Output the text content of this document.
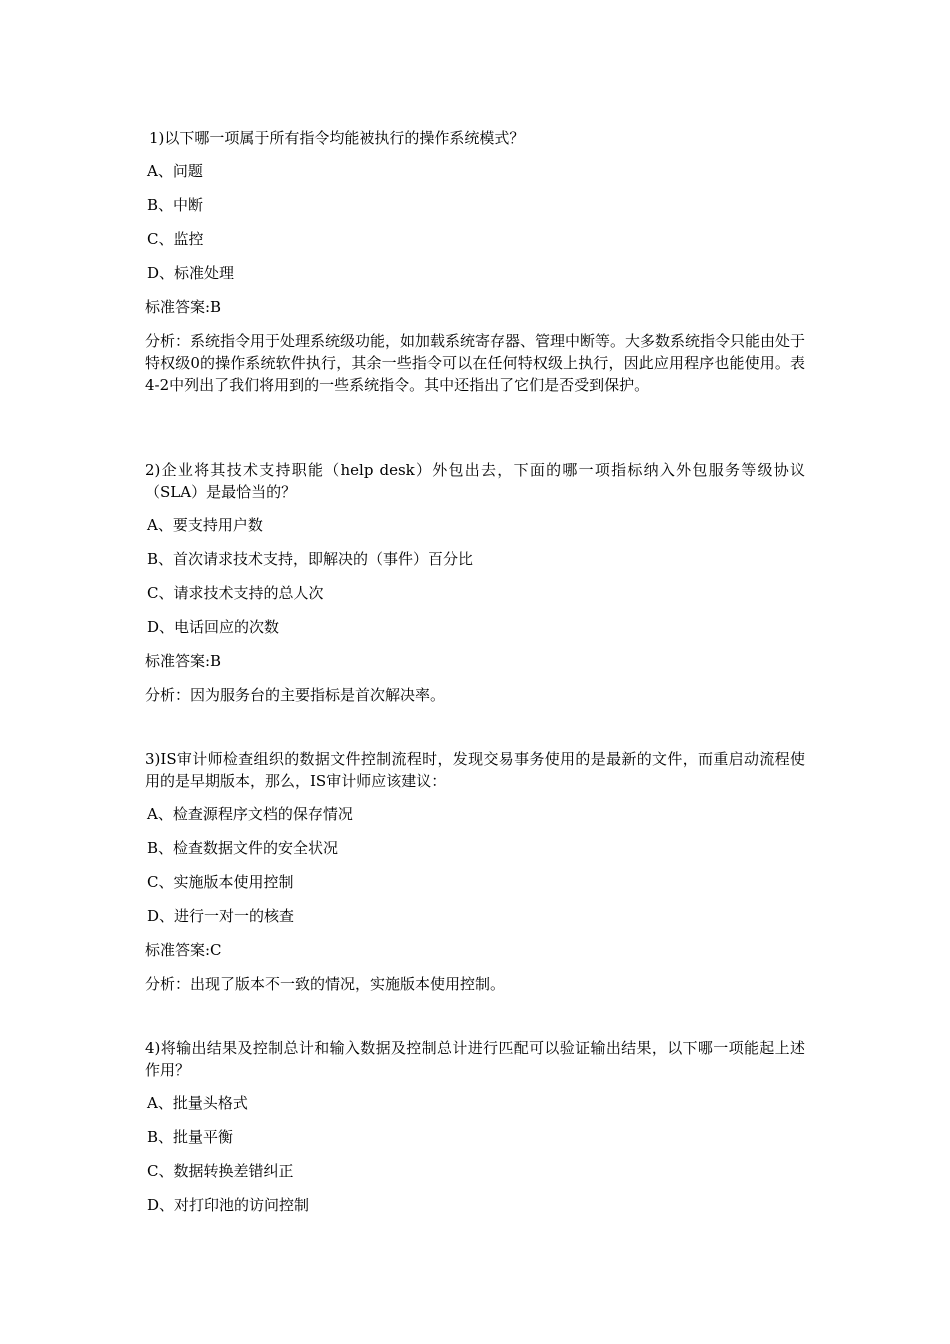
1)以下哪一项属于所有指令均能被执行的操作系统模式？

A、问题
B、中断
C、监控
D、标准处理
标准答案:B

分析：系统指令用于处理系统级功能，如加载系统寄存器、管理中断等。大多数系统指令只能由处于特权级0的操作系统软件执行，其余一些指令可以在任何特权级上执行，因此应用程序也能使用。表4-2中列出了我们将用到的一些系统指令。其中还指出了它们是否受到保护。

2)企业将其技术支持职能（help desk）外包出去，下面的哪一项指标纳入外包服务等级协议（SLA）是最恰当的？

A、要支持用户数
B、首次请求技术支持，即解决的（事件）百分比
C、请求技术支持的总人次
D、电话回应的次数
标准答案:B

分析：因为服务台的主要指标是首次解决率。

3)IS审计师检查组织的数据文件控制流程时，发现交易事务使用的是最新的文件，而重启动流程使用的是早期版本，那么，IS审计师应该建议：

A、检查源程序文档的保存情况
B、检查数据文件的安全状况
C、实施版本使用控制
D、进行一对一的核查
标准答案:C

分析：出现了版本不一致的情况，实施版本使用控制。

4)将输出结果及控制总计和输入数据及控制总计进行匹配可以验证输出结果，以下哪一项能起上述作用？

A、批量头格式
B、批量平衡
C、数据转换差错纠正
D、对打印池的访问控制
